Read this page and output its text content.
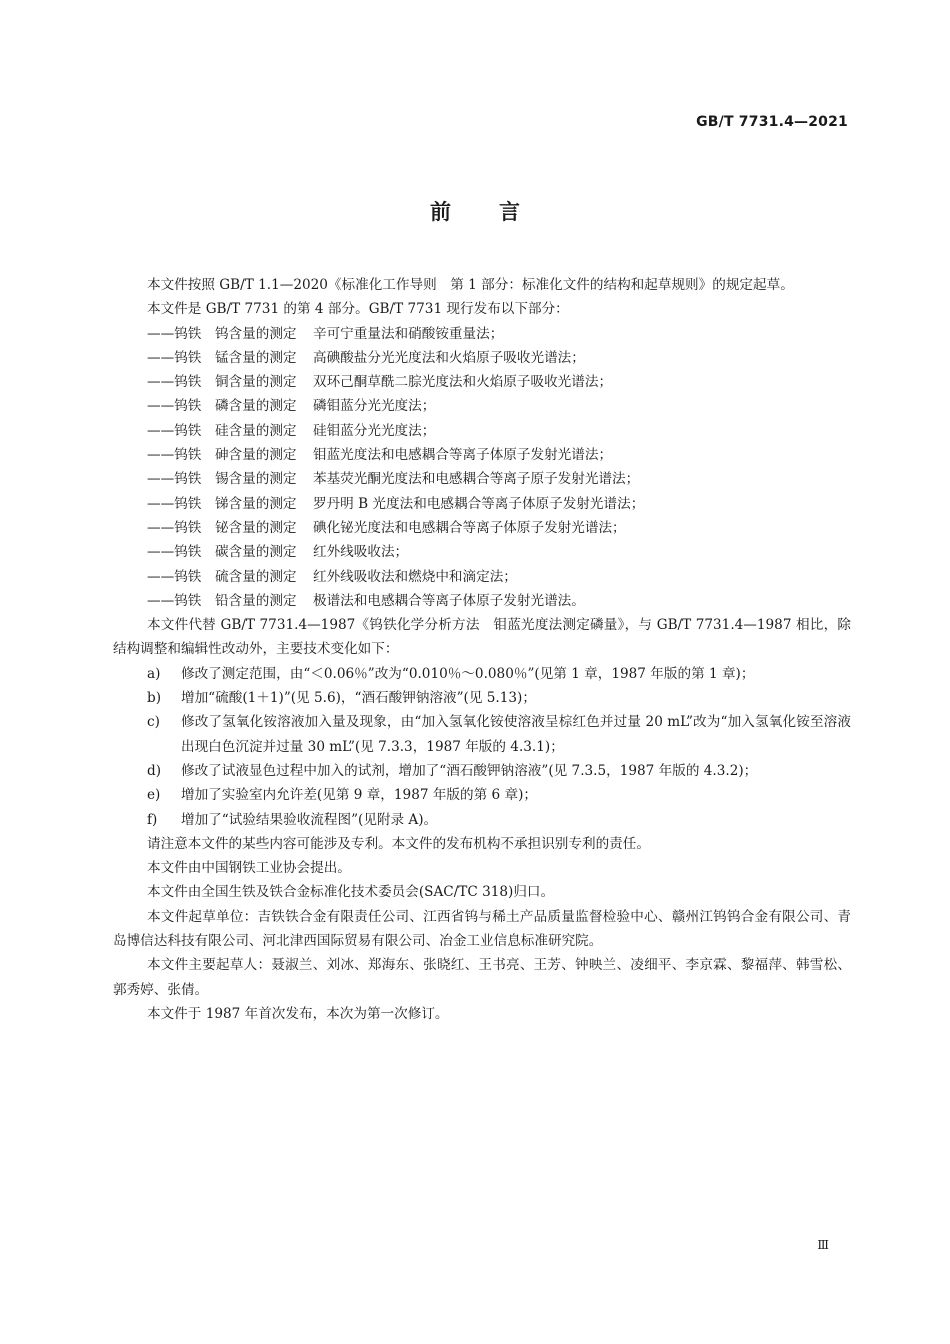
GB/T 7731.4—2021
前 言

本文件按照 GB/T 1.1—2020《标准化工作导则　第 1 部分：标准化文件的结构和起草规则》的规定起草。

本文件是 GB/T 7731 的第 4 部分。GB/T 7731 现行发布以下部分：

——钨铁　钨含量的测定 辛可宁重量法和硝酸铵重量法；

——钨铁　锰含量的测定 高碘酸盐分光光度法和火焰原子吸收光谱法；

——钨铁　铜含量的测定 双环己酮草酰二腙光度法和火焰原子吸收光谱法；

——钨铁　磷含量的测定 磷钼蓝分光光度法；

——钨铁　硅含量的测定 硅钼蓝分光光度法；

——钨铁　砷含量的测定 钼蓝光度法和电感耦合等离子体原子发射光谱法；

——钨铁　锡含量的测定 苯基荧光酮光度法和电感耦合等离子原子发射光谱法；

——钨铁　锑含量的测定 罗丹明 B 光度法和电感耦合等离子体原子发射光谱法；

——钨铁　铋含量的测定 碘化铋光度法和电感耦合等离子体原子发射光谱法；

——钨铁　碳含量的测定 红外线吸收法；

——钨铁　硫含量的测定 红外线吸收法和燃烧中和滴定法；

——钨铁　铅含量的测定 极谱法和电感耦合等离子体原子发射光谱法。

本文件代替 GB/T 7731.4—1987《钨铁化学分析方法　钼蓝光度法测定磷量》，与 GB/T 7731.4—1987 相比，除结构调整和编辑性改动外，主要技术变化如下：

a)	修改了测定范围，由“＜0.06％”改为“0.010％～0.080％”(见第 1 章，1987 年版的第 1 章)；
b)	增加“硫酸(1＋1)”(见 5.6)，“酒石酸钾钠溶液”(见 5.13)；
c)	修改了氢氧化铵溶液加入量及现象，由“加入氢氧化铵使溶液呈棕红色并过量 20 mL”改为“加入氢氧化铵至溶液出现白色沉淀并过量 30 mL”(见 7.3.3，1987 年版的 4.3.1)；
d)	修改了试液显色过程中加入的试剂，增加了“酒石酸钾钠溶液”(见 7.3.5，1987 年版的 4.3.2)；
e)	增加了实验室内允许差(见第 9 章，1987 年版的第 6 章)；
f)	增加了“试验结果验收流程图”(见附录 A)。

请注意本文件的某些内容可能涉及专利。本文件的发布机构不承担识别专利的责任。

本文件由中国钢铁工业协会提出。

本文件由全国生铁及铁合金标准化技术委员会(SAC/TC 318)归口。

本文件起草单位：吉铁铁合金有限责任公司、江西省钨与稀土产品质量监督检验中心、赣州江钨钨合金有限公司、青岛博信达科技有限公司、河北津西国际贸易有限公司、冶金工业信息标准研究院。

本文件主要起草人：聂淑兰、刘冰、郑海东、张晓红、王书亮、王芳、钟映兰、凌细平、李京霖、黎福萍、韩雪松、郭秀婷、张倩。

本文件于 1987 年首次发布，本次为第一次修订。

Ⅲ
